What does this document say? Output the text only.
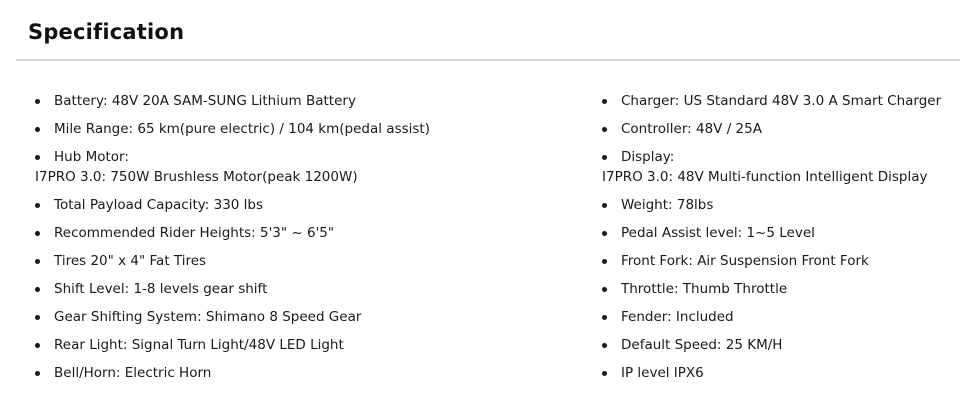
Specification
Battery: 48V 20A SAM-SUNG Lithium Battery
Mile Range: 65 km(pure electric) / 104 km(pedal assist)
Hub Motor:
I7PRO 3.0: 750W Brushless Motor(peak 1200W)
Total Payload Capacity: 330 lbs
Recommended Rider Heights: 5'3" ~ 6'5"
Tires 20" x 4" Fat Tires
Shift Level: 1-8 levels gear shift
Gear Shifting System: Shimano 8 Speed Gear
Rear Light: Signal Turn Light/48V LED Light
Bell/Horn: Electric Horn
Charger: US Standard 48V 3.0 A Smart Charger
Controller: 48V / 25A
Display:
I7PRO 3.0: 48V Multi-function Intelligent Display
Weight: 78lbs
Pedal Assist level: 1~5 Level
Front Fork: Air Suspension Front Fork
Throttle: Thumb Throttle
Fender: Included
Default Speed: 25 KM/H
IP level IPX6
